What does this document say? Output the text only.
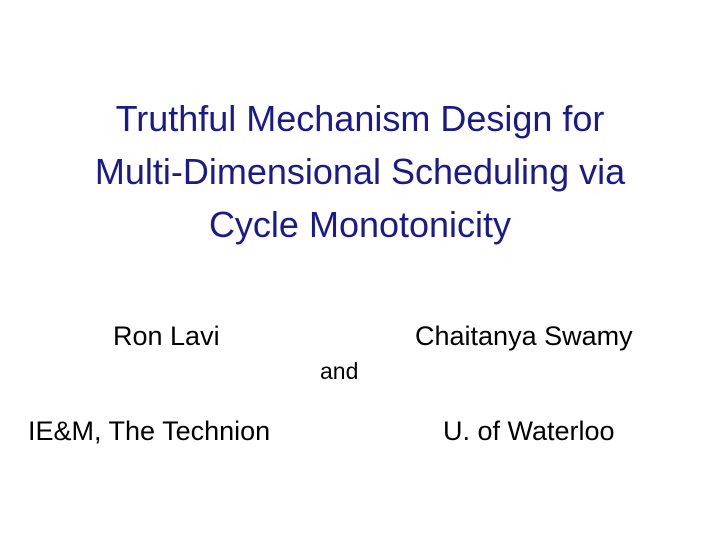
Truthful Mechanism Design for
Multi-Dimensional Scheduling via
Cycle Monotonicity
Ron Lavi	Chaitanya Swamy
and
IE&M, The Technion	U. of Waterloo
